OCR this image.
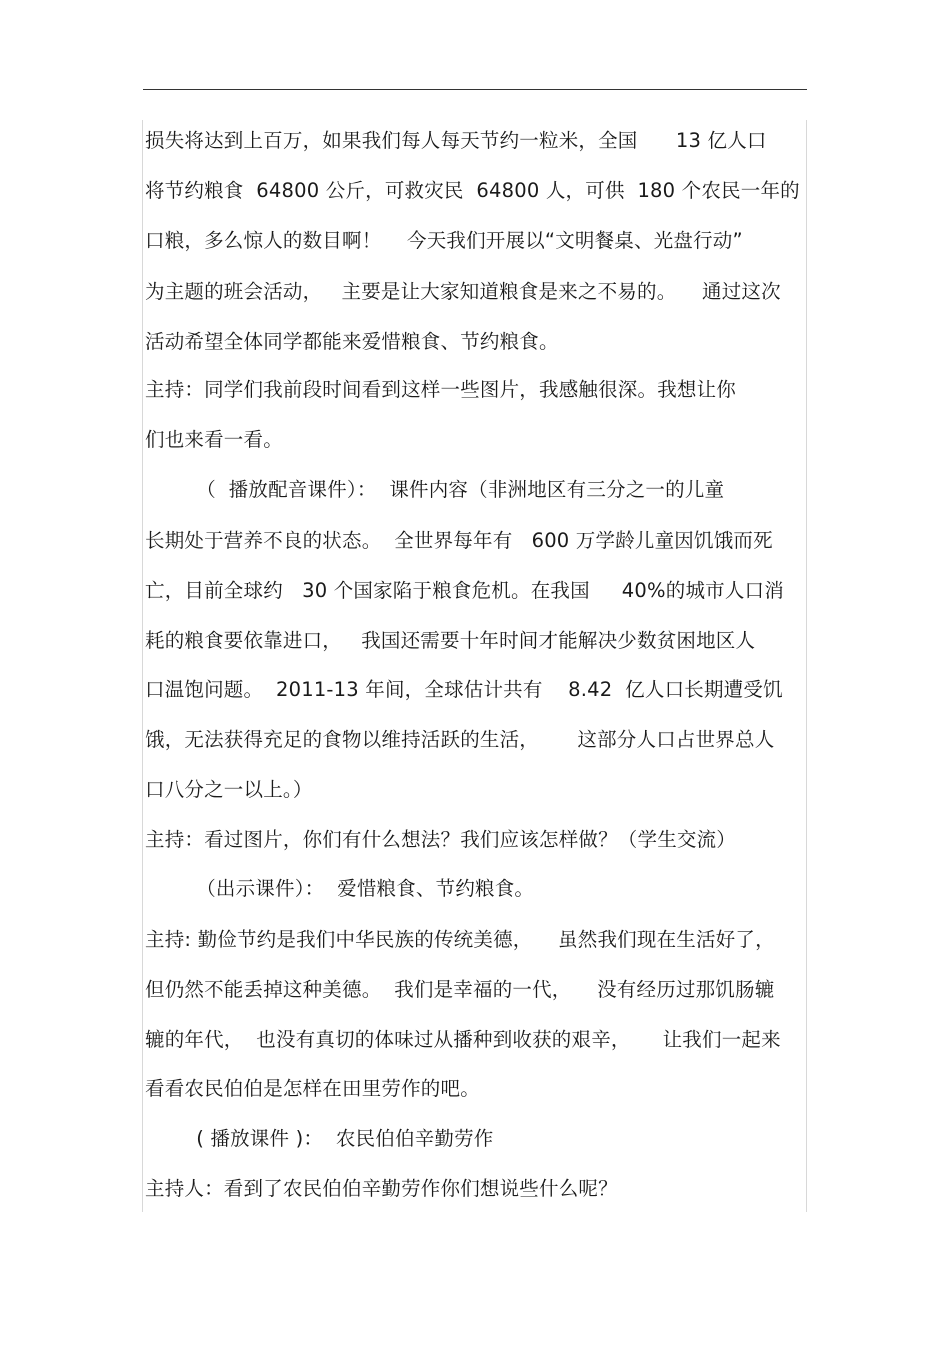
损失将达到上百万，如果我们每人每天节约一粒米，全国      13 亿人口
将节约粮食  64800 公斤，可救灾民  64800 人，可供  180 个农民一年的
口粮，多么惊人的数目啊！    今天我们开展以“文明餐桌、光盘行动”
为主题的班会活动，   主要是让大家知道粮食是来之不易的。    通过这次
活动希望全体同学都能来爱惜粮食、节约粮食。
主持：同学们我前段时间看到这样一些图片，我感触很深。我想让你
们也来看一看。
（  播放配音课件）：  课件内容（非洲地区有三分之一的儿童
长期处于营养不良的状态。  全世界每年有   600 万学龄儿童因饥饿而死
亡，目前全球约   30 个国家陷于粮食危机。在我国     40%的城市人口消
耗的粮食要依靠进口，   我国还需要十年时间才能解决少数贫困地区人
口温饱问题。  2011-13 年间，全球估计共有    8.42  亿人口长期遭受饥
饿，无法获得充足的食物以维持活跃的生活，      这部分人口占世界总人
口八分之一以上。）
主持：看过图片，你们有什么想法？我们应该怎样做？（学生交流）
（出示课件）：  爱惜粮食、节约粮食。
主持: 勤俭节约是我们中华民族的传统美德，    虽然我们现在生活好了，
但仍然不能丢掉这种美德。  我们是幸福的一代，    没有经历过那饥肠辘
辘的年代，  也没有真切的体味过从播种到收获的艰辛，     让我们一起来
看看农民伯伯是怎样在田里劳作的吧。
( 播放课件 )：  农民伯伯辛勤劳作
主持人：看到了农民伯伯辛勤劳作你们想说些什么呢？
